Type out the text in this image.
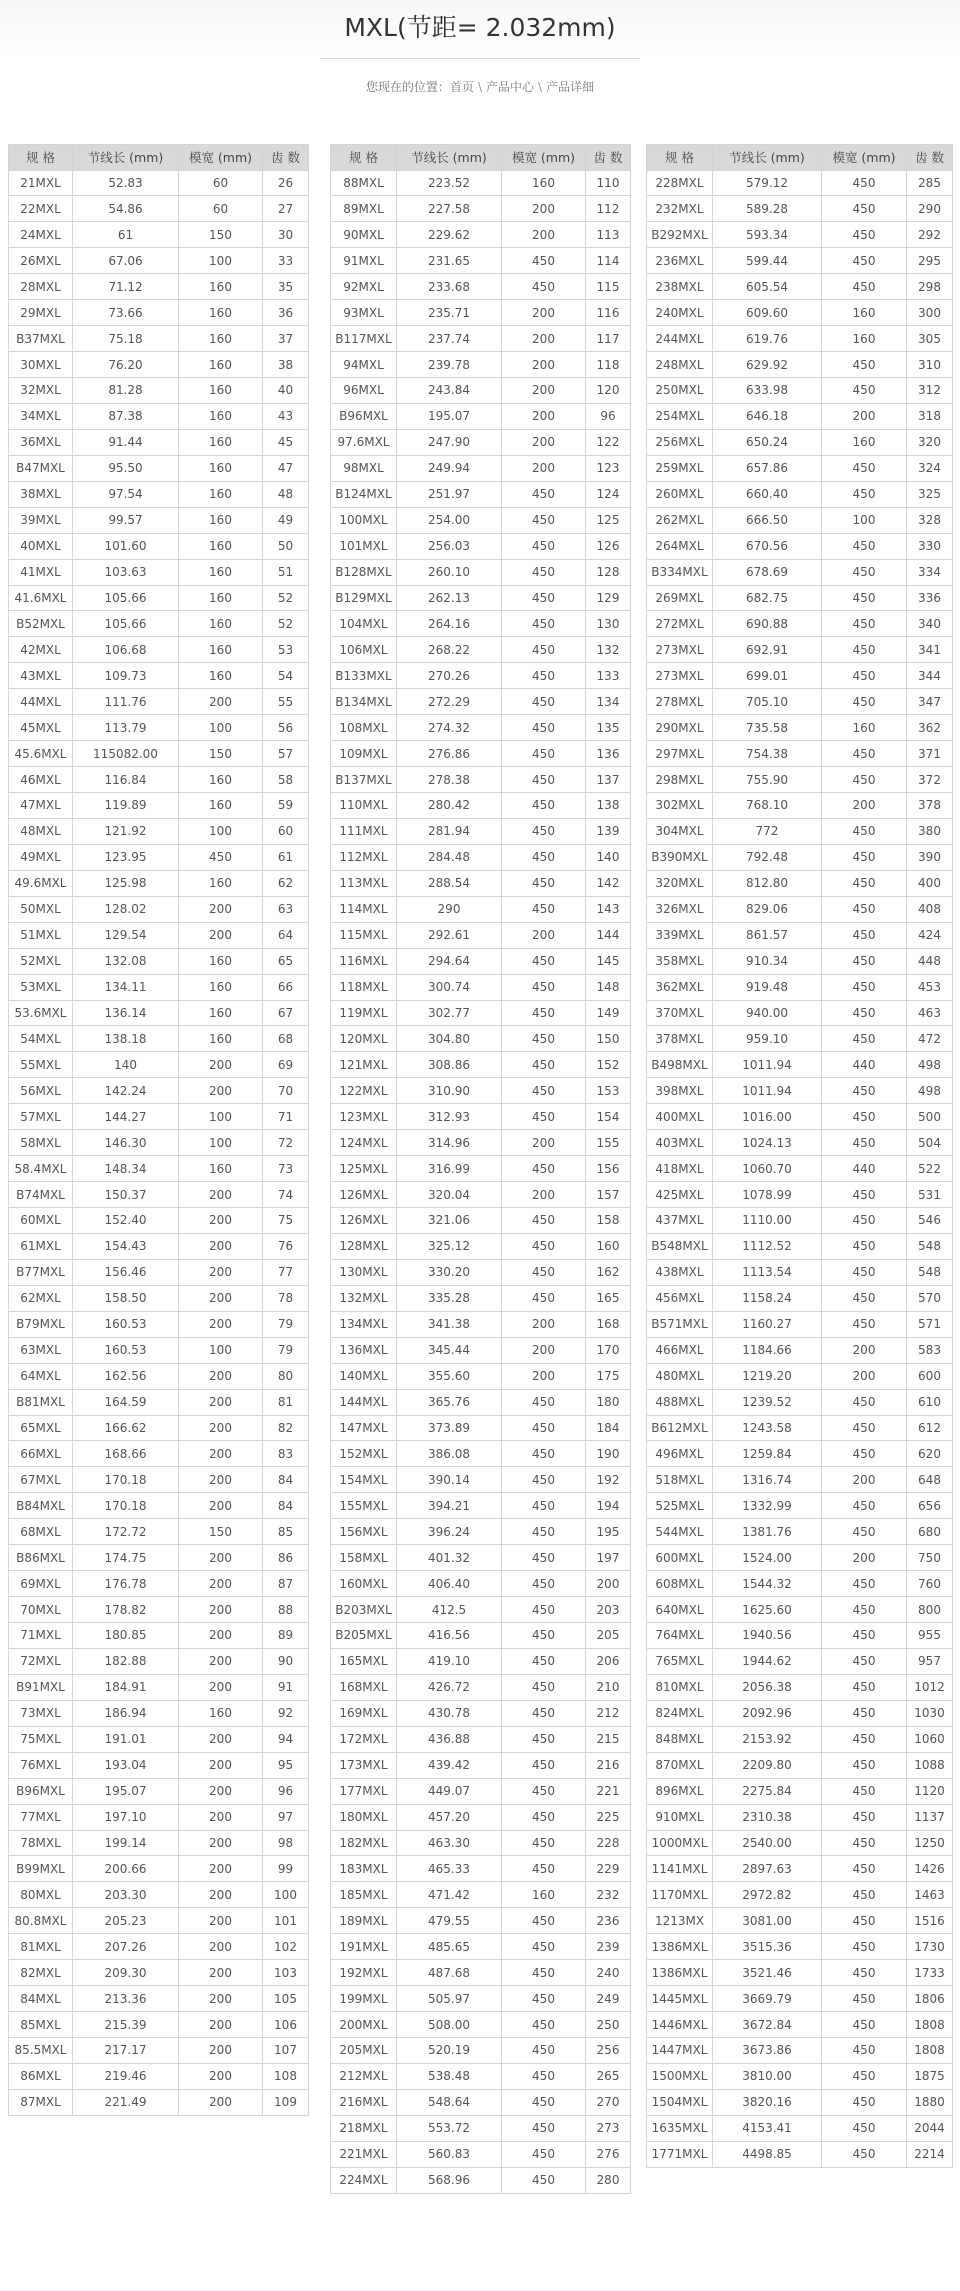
MXL(节距= 2.032mm)
您现在的位置：首页 \ 产品中心 \ 产品详细
规 格	节线长 (mm)	模宽 (mm)	齿 数
21MXL	52.83	60	26
22MXL	54.86	60	27
24MXL	61	150	30
26MXL	67.06	100	33
28MXL	71.12	160	35
29MXL	73.66	160	36
B37MXL	75.18	160	37
30MXL	76.20	160	38
32MXL	81.28	160	40
34MXL	87.38	160	43
36MXL	91.44	160	45
B47MXL	95.50	160	47
38MXL	97.54	160	48
39MXL	99.57	160	49
40MXL	101.60	160	50
41MXL	103.63	160	51
41.6MXL	105.66	160	52
B52MXL	105.66	160	52
42MXL	106.68	160	53
43MXL	109.73	160	54
44MXL	111.76	200	55
45MXL	113.79	100	56
45.6MXL	115082.00	150	57
46MXL	116.84	160	58
47MXL	119.89	160	59
48MXL	121.92	100	60
49MXL	123.95	450	61
49.6MXL	125.98	160	62
50MXL	128.02	200	63
51MXL	129.54	200	64
52MXL	132.08	160	65
53MXL	134.11	160	66
53.6MXL	136.14	160	67
54MXL	138.18	160	68
55MXL	140	200	69
56MXL	142.24	200	70
57MXL	144.27	100	71
58MXL	146.30	100	72
58.4MXL	148.34	160	73
B74MXL	150.37	200	74
60MXL	152.40	200	75
61MXL	154.43	200	76
B77MXL	156.46	200	77
62MXL	158.50	200	78
B79MXL	160.53	200	79
63MXL	160.53	100	79
64MXL	162.56	200	80
B81MXL	164.59	200	81
65MXL	166.62	200	82
66MXL	168.66	200	83
67MXL	170.18	200	84
B84MXL	170.18	200	84
68MXL	172.72	150	85
B86MXL	174.75	200	86
69MXL	176.78	200	87
70MXL	178.82	200	88
71MXL	180.85	200	89
72MXL	182.88	200	90
B91MXL	184.91	200	91
73MXL	186.94	160	92
75MXL	191.01	200	94
76MXL	193.04	200	95
B96MXL	195.07	200	96
77MXL	197.10	200	97
78MXL	199.14	200	98
B99MXL	200.66	200	99
80MXL	203.30	200	100
80.8MXL	205.23	200	101
81MXL	207.26	200	102
82MXL	209.30	200	103
84MXL	213.36	200	105
85MXL	215.39	200	106
85.5MXL	217.17	200	107
86MXL	219.46	200	108
87MXL	221.49	200	109
规 格	节线长 (mm)	模宽 (mm)	齿 数
88MXL	223.52	160	110
89MXL	227.58	200	112
90MXL	229.62	200	113
91MXL	231.65	450	114
92MXL	233.68	450	115
93MXL	235.71	200	116
B117MXL	237.74	200	117
94MXL	239.78	200	118
96MXL	243.84	200	120
B96MXL	195.07	200	96
97.6MXL	247.90	200	122
98MXL	249.94	200	123
B124MXL	251.97	450	124
100MXL	254.00	450	125
101MXL	256.03	450	126
B128MXL	260.10	450	128
B129MXL	262.13	450	129
104MXL	264.16	450	130
106MXL	268.22	450	132
B133MXL	270.26	450	133
B134MXL	272.29	450	134
108MXL	274.32	450	135
109MXL	276.86	450	136
B137MXL	278.38	450	137
110MXL	280.42	450	138
111MXL	281.94	450	139
112MXL	284.48	450	140
113MXL	288.54	450	142
114MXL	290	450	143
115MXL	292.61	200	144
116MXL	294.64	450	145
118MXL	300.74	450	148
119MXL	302.77	450	149
120MXL	304.80	450	150
121MXL	308.86	450	152
122MXL	310.90	450	153
123MXL	312.93	450	154
124MXL	314.96	200	155
125MXL	316.99	450	156
126MXL	320.04	200	157
126MXL	321.06	450	158
128MXL	325.12	450	160
130MXL	330.20	450	162
132MXL	335.28	450	165
134MXL	341.38	200	168
136MXL	345.44	200	170
140MXL	355.60	200	175
144MXL	365.76	450	180
147MXL	373.89	450	184
152MXL	386.08	450	190
154MXL	390.14	450	192
155MXL	394.21	450	194
156MXL	396.24	450	195
158MXL	401.32	450	197
160MXL	406.40	450	200
B203MXL	412.5	450	203
B205MXL	416.56	450	205
165MXL	419.10	450	206
168MXL	426.72	450	210
169MXL	430.78	450	212
172MXL	436.88	450	215
173MXL	439.42	450	216
177MXL	449.07	450	221
180MXL	457.20	450	225
182MXL	463.30	450	228
183MXL	465.33	450	229
185MXL	471.42	160	232
189MXL	479.55	450	236
191MXL	485.65	450	239
192MXL	487.68	450	240
199MXL	505.97	450	249
200MXL	508.00	450	250
205MXL	520.19	450	256
212MXL	538.48	450	265
216MXL	548.64	450	270
218MXL	553.72	450	273
221MXL	560.83	450	276
224MXL	568.96	450	280
规 格	节线长 (mm)	模宽 (mm)	齿 数
228MXL	579.12	450	285
232MXL	589.28	450	290
B292MXL	593.34	450	292
236MXL	599.44	450	295
238MXL	605.54	450	298
240MXL	609.60	160	300
244MXL	619.76	160	305
248MXL	629.92	450	310
250MXL	633.98	450	312
254MXL	646.18	200	318
256MXL	650.24	160	320
259MXL	657.86	450	324
260MXL	660.40	450	325
262MXL	666.50	100	328
264MXL	670.56	450	330
B334MXL	678.69	450	334
269MXL	682.75	450	336
272MXL	690.88	450	340
273MXL	692.91	450	341
273MXL	699.01	450	344
278MXL	705.10	450	347
290MXL	735.58	160	362
297MXL	754.38	450	371
298MXL	755.90	450	372
302MXL	768.10	200	378
304MXL	772	450	380
B390MXL	792.48	450	390
320MXL	812.80	450	400
326MXL	829.06	450	408
339MXL	861.57	450	424
358MXL	910.34	450	448
362MXL	919.48	450	453
370MXL	940.00	450	463
378MXL	959.10	450	472
B498MXL	1011.94	440	498
398MXL	1011.94	450	498
400MXL	1016.00	450	500
403MXL	1024.13	450	504
418MXL	1060.70	440	522
425MXL	1078.99	450	531
437MXL	1110.00	450	546
B548MXL	1112.52	450	548
438MXL	1113.54	450	548
456MXL	1158.24	450	570
B571MXL	1160.27	450	571
466MXL	1184.66	200	583
480MXL	1219.20	200	600
488MXL	1239.52	450	610
B612MXL	1243.58	450	612
496MXL	1259.84	450	620
518MXL	1316.74	200	648
525MXL	1332.99	450	656
544MXL	1381.76	450	680
600MXL	1524.00	200	750
608MXL	1544.32	450	760
640MXL	1625.60	450	800
764MXL	1940.56	450	955
765MXL	1944.62	450	957
810MXL	2056.38	450	1012
824MXL	2092.96	450	1030
848MXL	2153.92	450	1060
870MXL	2209.80	450	1088
896MXL	2275.84	450	1120
910MXL	2310.38	450	1137
1000MXL	2540.00	450	1250
1141MXL	2897.63	450	1426
1170MXL	2972.82	450	1463
1213MX	3081.00	450	1516
1386MXL	3515.36	450	1730
1386MXL	3521.46	450	1733
1445MXL	3669.79	450	1806
1446MXL	3672.84	450	1808
1447MXL	3673.86	450	1808
1500MXL	3810.00	450	1875
1504MXL	3820.16	450	1880
1635MXL	4153.41	450	2044
1771MXL	4498.85	450	2214
